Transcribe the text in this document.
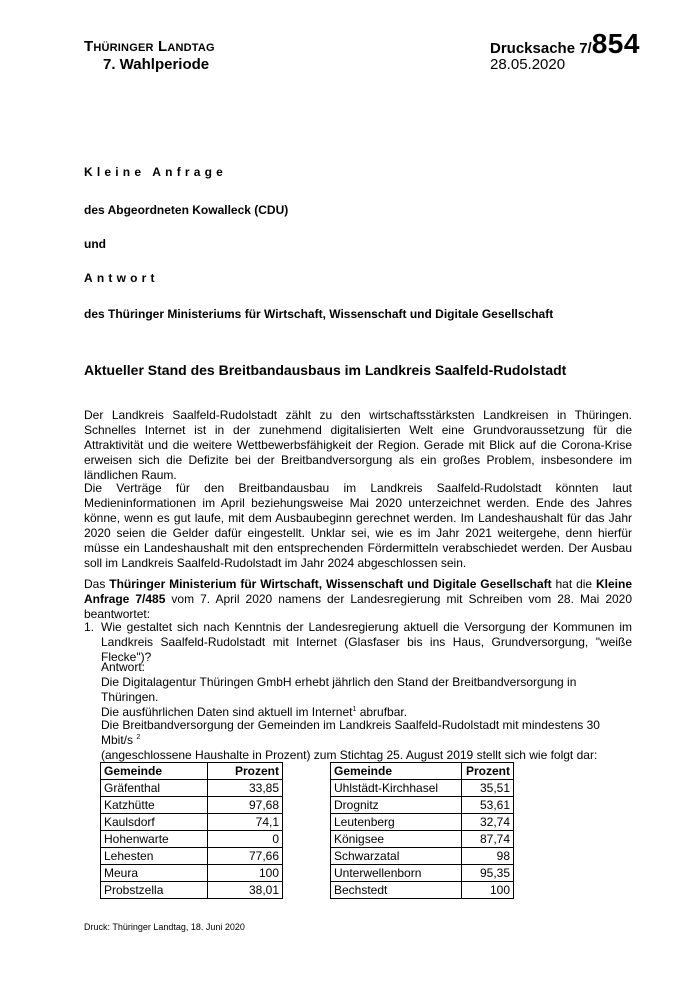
Thüringer Landtag
7. Wahlperiode
Drucksache 7/854
28.05.2020
Kleine Anfrage
des Abgeordneten Kowalleck (CDU)
und
Antwort
des Thüringer Ministeriums für Wirtschaft, Wissenschaft und Digitale Gesellschaft
Aktueller Stand des Breitbandausbaus im Landkreis Saalfeld-Rudolstadt

Der Landkreis Saalfeld-Rudolstadt zählt zu den wirtschaftsstärksten Landkreisen in Thüringen. Schnelles Internet ist in der zunehmend digitalisierten Welt eine Grundvoraussetzung für die Attraktivität und die weitere Wettbewerbsfähigkeit der Region. Gerade mit Blick auf die Corona-Krise erweisen sich die Defizite bei der Breitbandversorgung als ein großes Problem, insbesondere im ländlichen Raum.

Die Verträge für den Breitbandausbau im Landkreis Saalfeld-Rudolstadt könnten laut Medieninformationen im April beziehungsweise Mai 2020 unterzeichnet werden. Ende des Jahres könne, wenn es gut laufe, mit dem Ausbaubeginn gerechnet werden. Im Landeshaushalt für das Jahr 2020 seien die Gelder dafür eingestellt. Unklar sei, wie es im Jahr 2021 weitergehe, denn hierfür müsse ein Landeshaushalt mit den entsprechenden Fördermitteln verabschiedet werden. Der Ausbau soll im Landkreis Saalfeld-Rudolstadt im Jahr 2024 abgeschlossen sein.

Das Thüringer Ministerium für Wirtschaft, Wissenschaft und Digitale Gesellschaft hat die Kleine Anfrage 7/485 vom 7. April 2020 namens der Landesregierung mit Schreiben vom 28. Mai 2020 beantwortet:

1. Wie gestaltet sich nach Kenntnis der Landesregierung aktuell die Versorgung der Kommunen im Landkreis Saalfeld-Rudolstadt mit Internet (Glasfaser bis ins Haus, Grundversorgung, "weiße Flecke")?
Antwort:
Die Digitalagentur Thüringen GmbH erhebt jährlich den Stand der Breitbandversorgung in Thüringen.
Die ausführlichen Daten sind aktuell im Internet$^1$ abrufbar.
Die Breitbandversorgung der Gemeinden im Landkreis Saalfeld-Rudolstadt mit mindestens 30 Mbit/s $^2$
(angeschlossene Haushalte in Prozent) zum Stichtag 25. August 2019 stellt sich wie folgt dar:
Gemeinde	Prozent
Gräfenthal	33,85
Katzhütte	97,68
Kaulsdorf	74,1
Hohenwarte	0
Lehesten	77,66
Meura	100
Probstzella	38,01
Gemeinde	Prozent
Uhlstädt-Kirchhasel	35,51
Drognitz	53,61
Leutenberg	32,74
Königsee	87,74
Schwarzatal	98
Unterwellenborn	95,35
Bechstedt	100
Druck: Thüringer Landtag, 18. Juni 2020
